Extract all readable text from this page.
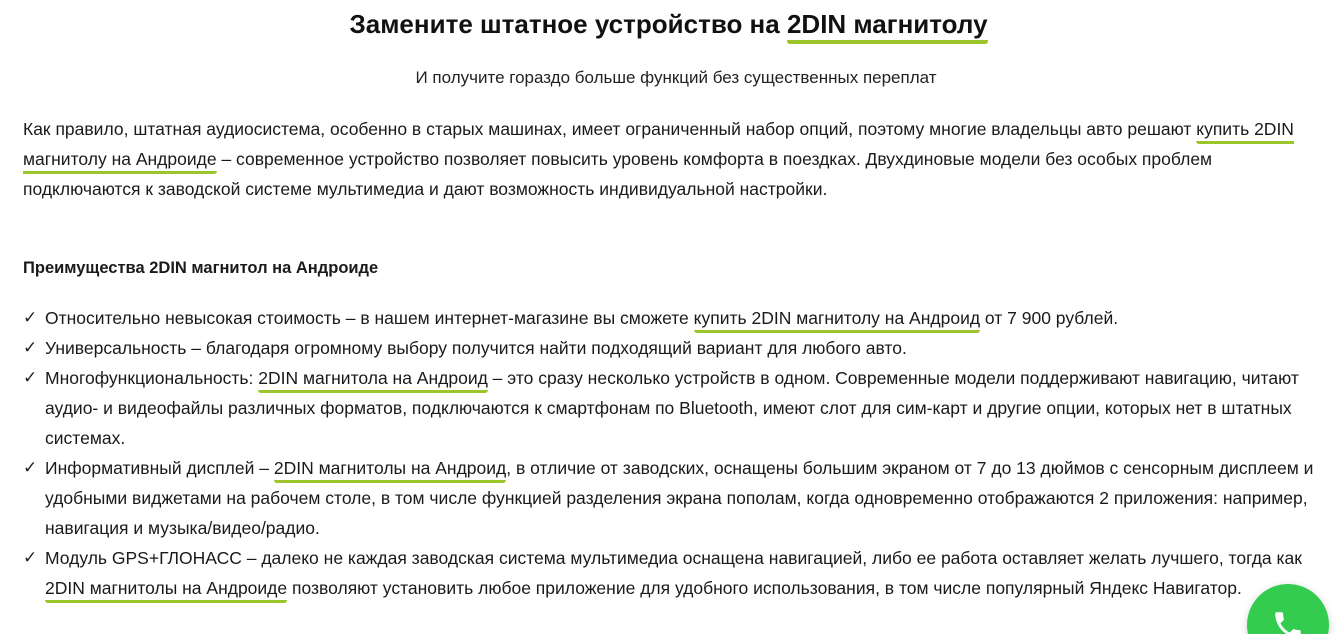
Замените штатное устройство на 2DIN магнитолу

И получите гораздо больше функций без существенных переплат

Как правило, штатная аудиосистема, особенно в старых машинах, имеет ограниченный набор опций, поэтому многие владельцы авто решают купить 2DIN магнитолу на Андроиде – современное устройство позволяет повысить уровень комфорта в поездках. Двухдиновые модели без особых проблем подключаются к заводской системе мультимедиа и дают возможность индивидуальной настройки.

Преимущества 2DIN магнитол на Андроиде
✓ Относительно невысокая стоимость – в нашем интернет-магазине вы сможете купить 2DIN магнитолу на Андроид от 7 900 рублей.
✓ Универсальность – благодаря огромному выбору получится найти подходящий вариант для любого авто.
✓ Многофункциональность: 2DIN магнитола на Андроид – это сразу несколько устройств в одном. Современные модели поддерживают навигацию, читают аудио- и видеофайлы различных форматов, подключаются к смартфонам по Bluetooth, имеют слот для сим-карт и другие опции, которых нет в штатных системах.
✓ Информативный дисплей – 2DIN магнитолы на Андроид, в отличие от заводских, оснащены большим экраном от 7 до 13 дюймов с сенсорным дисплеем и удобными виджетами на рабочем столе, в том числе функцией разделения экрана пополам, когда одновременно отображаются 2 приложения: например, навигация и музыка/видео/радио.
✓ Модуль GPS+ГЛОНАСС – далеко не каждая заводская система мультимедиа оснащена навигацией, либо ее работа оставляет желать лучшего, тогда как 2DIN магнитолы на Андроиде позволяют установить любое приложение для удобного использования, в том числе популярный Яндекс Навигатор.
